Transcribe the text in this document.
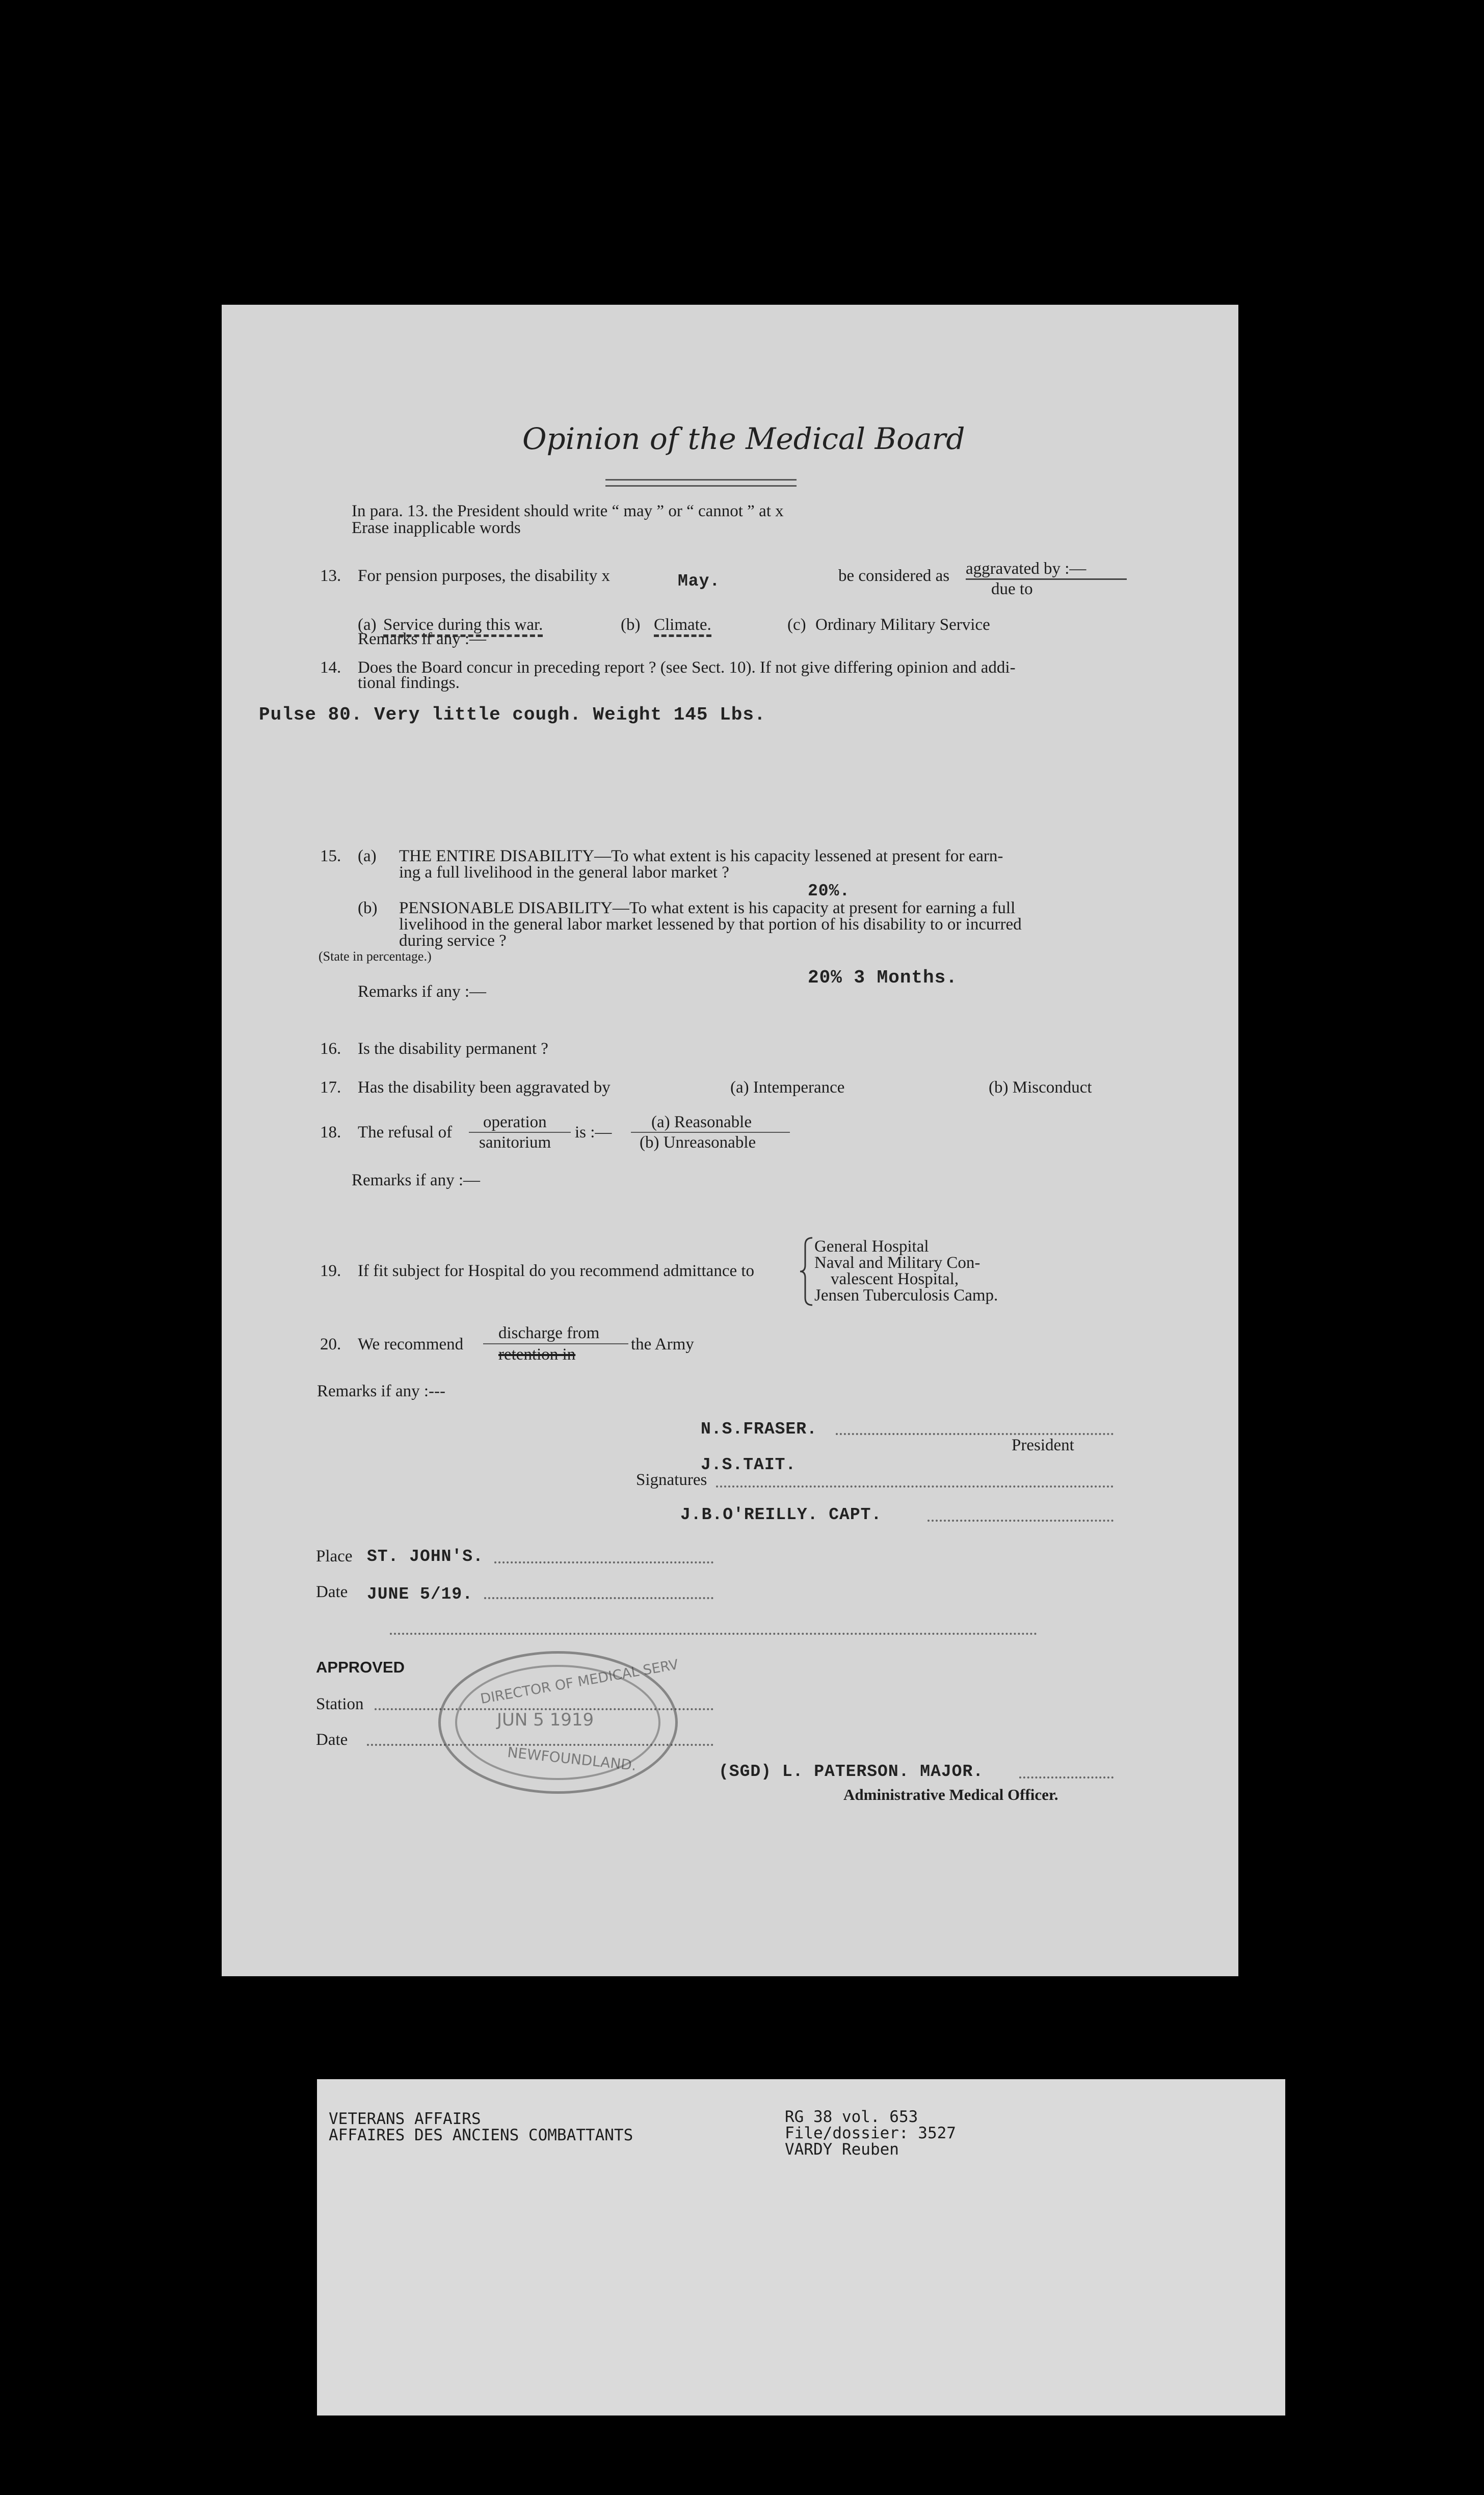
Opinion of the Medical Board
In para. 13. the President should write “ may ” or “ cannot ” at x
Erase inapplicable words
13. For pension purposes, the disability x	May.	be considered as aggravated by :—
due to
(a) Service during this war.	(b) Climate.	(c) Ordinary Military Service
Remarks if any :—
14. Does the Board concur in preceding report ? (see Sect. 10). If not give differing opinion and addi-
tional findings.
Pulse 80. Very little cough. Weight 145 Lbs.
15. (a) THE ENTIRE DISABILITY—To what extent is his capacity lessened at present for earn-
ing a full livelihood in the general labor market ?
20%.
(b) PENSIONABLE DISABILITY—To what extent is his capacity at present for earning a full
livelihood in the general labor market lessened by that portion of his disability to or incurred
during service ?
(State in percentage.)
20% 3 Months.
Remarks if any :—
16. Is the disability permanent ?
17. Has the disability been aggravated by	(a) Intemperance	(b) Misconduct
18. The refusal of
operation
sanitorium
is :—
(a) Reasonable
(b) Unreasonable
Remarks if any :—
19. If fit subject for Hospital do you recommend admittance to
General Hospital
Naval and Military Con-
valescent Hospital,
Jensen Tuberculosis Camp.
20. We recommend
discharge from
retention in
the Army
Remarks if any :---
N.S.FRASER.
President
J.S.TAIT.
Signatures
J.B.O'REILLY. CAPT.
Place ST. JOHN'S.
Date JUNE 5/19.
APPROVED
Station
Date
DIRECTOR OF MEDICAL SERV
JUN 5 1919
NEWFOUNDLAND.	(SGD) L. PATERSON. MAJOR.
Administrative Medical Officer.
VETERANS AFFAIRS
AFFAIRES DES ANCIENS COMBATTANTS
RG 38 vol. 653
File/dossier: 3527
VARDY Reuben
